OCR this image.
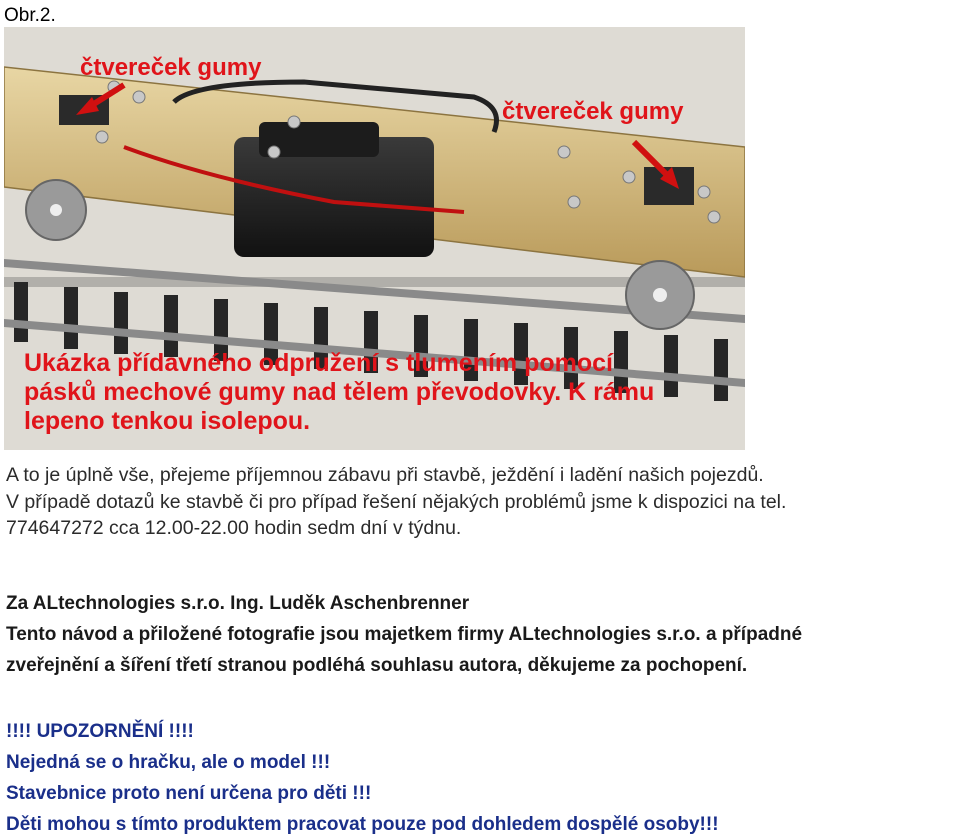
Obr.2.
čtvereček gumy
čtvereček gumy
Ukázka přídavného odpružení s tlumením pomocí
pásků mechové gumy nad tělem převodovky. K rámu
lepeno tenkou isolepou.
A to je úplně vše, přejeme příjemnou zábavu při stavbě, ježdění i ladění našich pojezdů.
V případě dotazů ke stavbě či pro případ řešení nějakých problémů jsme k dispozici na tel.
774647272 cca 12.00-22.00 hodin sedm dní v týdnu.
Za ALtechnologies s.r.o. Ing. Luděk Aschenbrenner
Tento návod a přiložené fotografie jsou majetkem firmy ALtechnologies s.r.o. a případné
zveřejnění a šíření třetí stranou podléhá souhlasu autora, děkujeme za pochopení.
!!!! UPOZORNĚNÍ !!!!
Nejedná se o hračku, ale o model !!!
Stavebnice proto není určena pro děti !!!
Děti mohou s tímto produktem pracovat pouze pod dohledem dospělé osoby!!!
